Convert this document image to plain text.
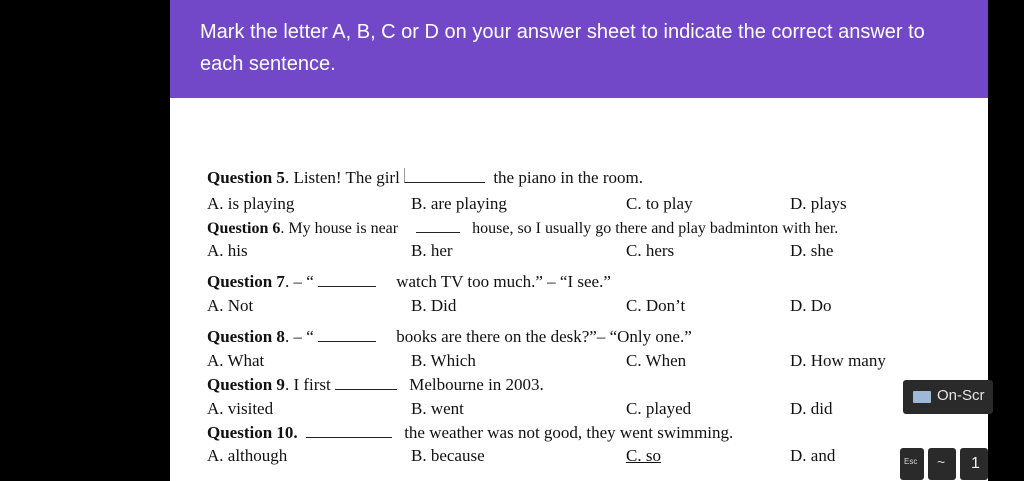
Mark the letter A, B, C or D on your answer sheet to indicate the correct answer to each sentence.
Question 5. Listen! The girl	the piano in the room.
A. is playing	B. are playing	C. to play	D. plays
Question 6. My house is near	house, so I usually go there and play badminton with her.
A. his	B. her	C. hers	D. she
Question 7. – “	watch TV too much.” – “I see.”
A. Not	B. Did	C. Don’t	D. Do
Question 8. – “	books are there on the desk?”– “Only one.”
A. What	B. Which	C. When	D. How many
Question 9. I first	Melbourne in 2003.
A. visited	B. went	C. played	D. did
Question 10.	the weather was not good, they went swimming.
A. although	B. because	C. so	D. and
On-Scr
Esc ~ 1
